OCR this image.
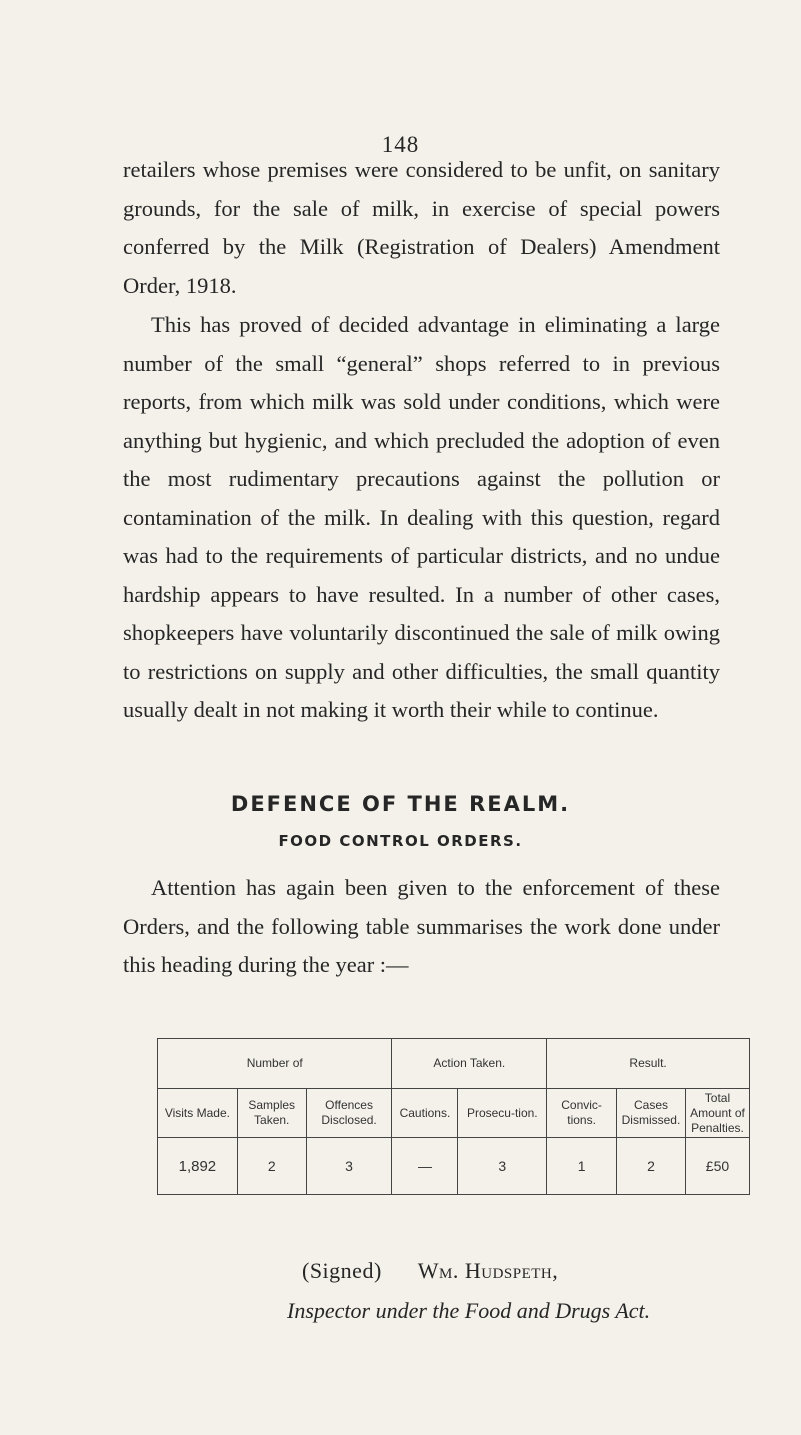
148
retailers whose premises were considered to be unfit, on sanitary grounds, for the sale of milk, in exercise of special powers conferred by the Milk (Registration of Dealers) Amendment Order, 1918.
This has proved of decided advantage in eliminating a large number of the small “general” shops referred to in previous reports, from which milk was sold under conditions, which were anything but hygienic, and which precluded the adoption of even the most rudimentary precautions against the pollution or contamination of the milk. In dealing with this question, regard was had to the requirements of particular districts, and no undue hardship appears to have resulted. In a number of other cases, shopkeepers have voluntarily discontinued the sale of milk owing to restrictions on supply and other difficulties, the small quantity usually dealt in not making it worth their while to continue.
DEFENCE OF THE REALM.
FOOD CONTROL ORDERS.
Attention has again been given to the enforcement of these Orders, and the following table summarises the work done under this heading during the year :—
Number of			Action Taken.		Result.		
Visits Made.	Samples Taken.	Offences Disclosed.	Cautions.	Prosecu-tion.	Convic-tions.	Cases Dismissed.	Total Amount of Penalties.
1,892	2	3	—	3	1	2	£50
(Signed) Wm. Hudspeth,
Inspector under the Food and Drugs Act.
